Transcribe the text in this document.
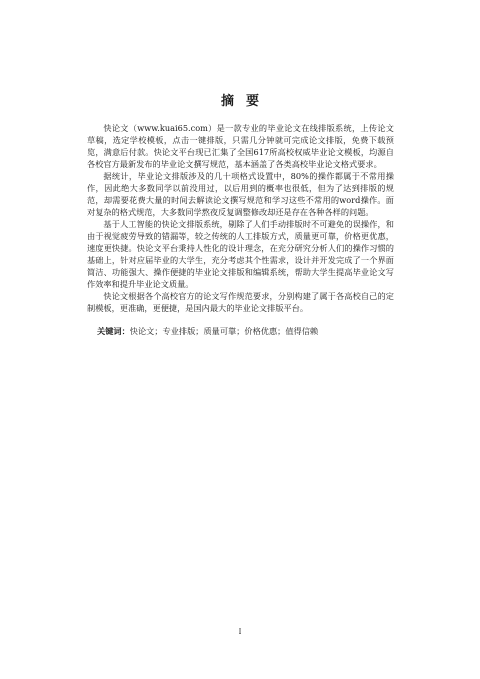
摘要

快论文（www.kuai65.com）是一款专业的毕业论文在线排版系统，上传论文草稿，选定学校模板，点击一键排版，只需几分钟就可完成论文排版，免费下载预览，满意后付款。快论文平台现已汇集了全国617所高校权威毕业论文模板，均源自各校官方最新发布的毕业论文撰写规范，基本涵盖了各类高校毕业论文格式要求。

据统计，毕业论文排版涉及的几十项格式设置中，80%的操作都属于不常用操作，因此绝大多数同学以前没用过，以后用到的概率也很低，但为了达到排版的规范，却需要花费大量的时间去解读论文撰写规范和学习这些不常用的word操作。面对复杂的格式规范，大多数同学熬夜反复调整修改却还是存在各种各样的问题。

基于人工智能的快论文排版系统，剔除了人们手动排版时不可避免的误操作，和由于视觉疲劳导致的错漏等，较之传统的人工排版方式，质量更可靠，价格更优惠，速度更快捷。快论文平台秉持人性化的设计理念，在充分研究分析人们的操作习惯的基础上，针对应届毕业的大学生，充分考虑其个性需求，设计并开发完成了一个界面简洁、功能强大、操作便捷的毕业论文排版和编辑系统，帮助大学生提高毕业论文写作效率和提升毕业论文质量。

快论文根据各个高校官方的论文写作规范要求，分别构建了属于各高校自己的定制模板，更准确，更便捷，是国内最大的毕业论文排版平台。

关键词：快论文；专业排版；质量可靠；价格优惠；值得信赖
I
